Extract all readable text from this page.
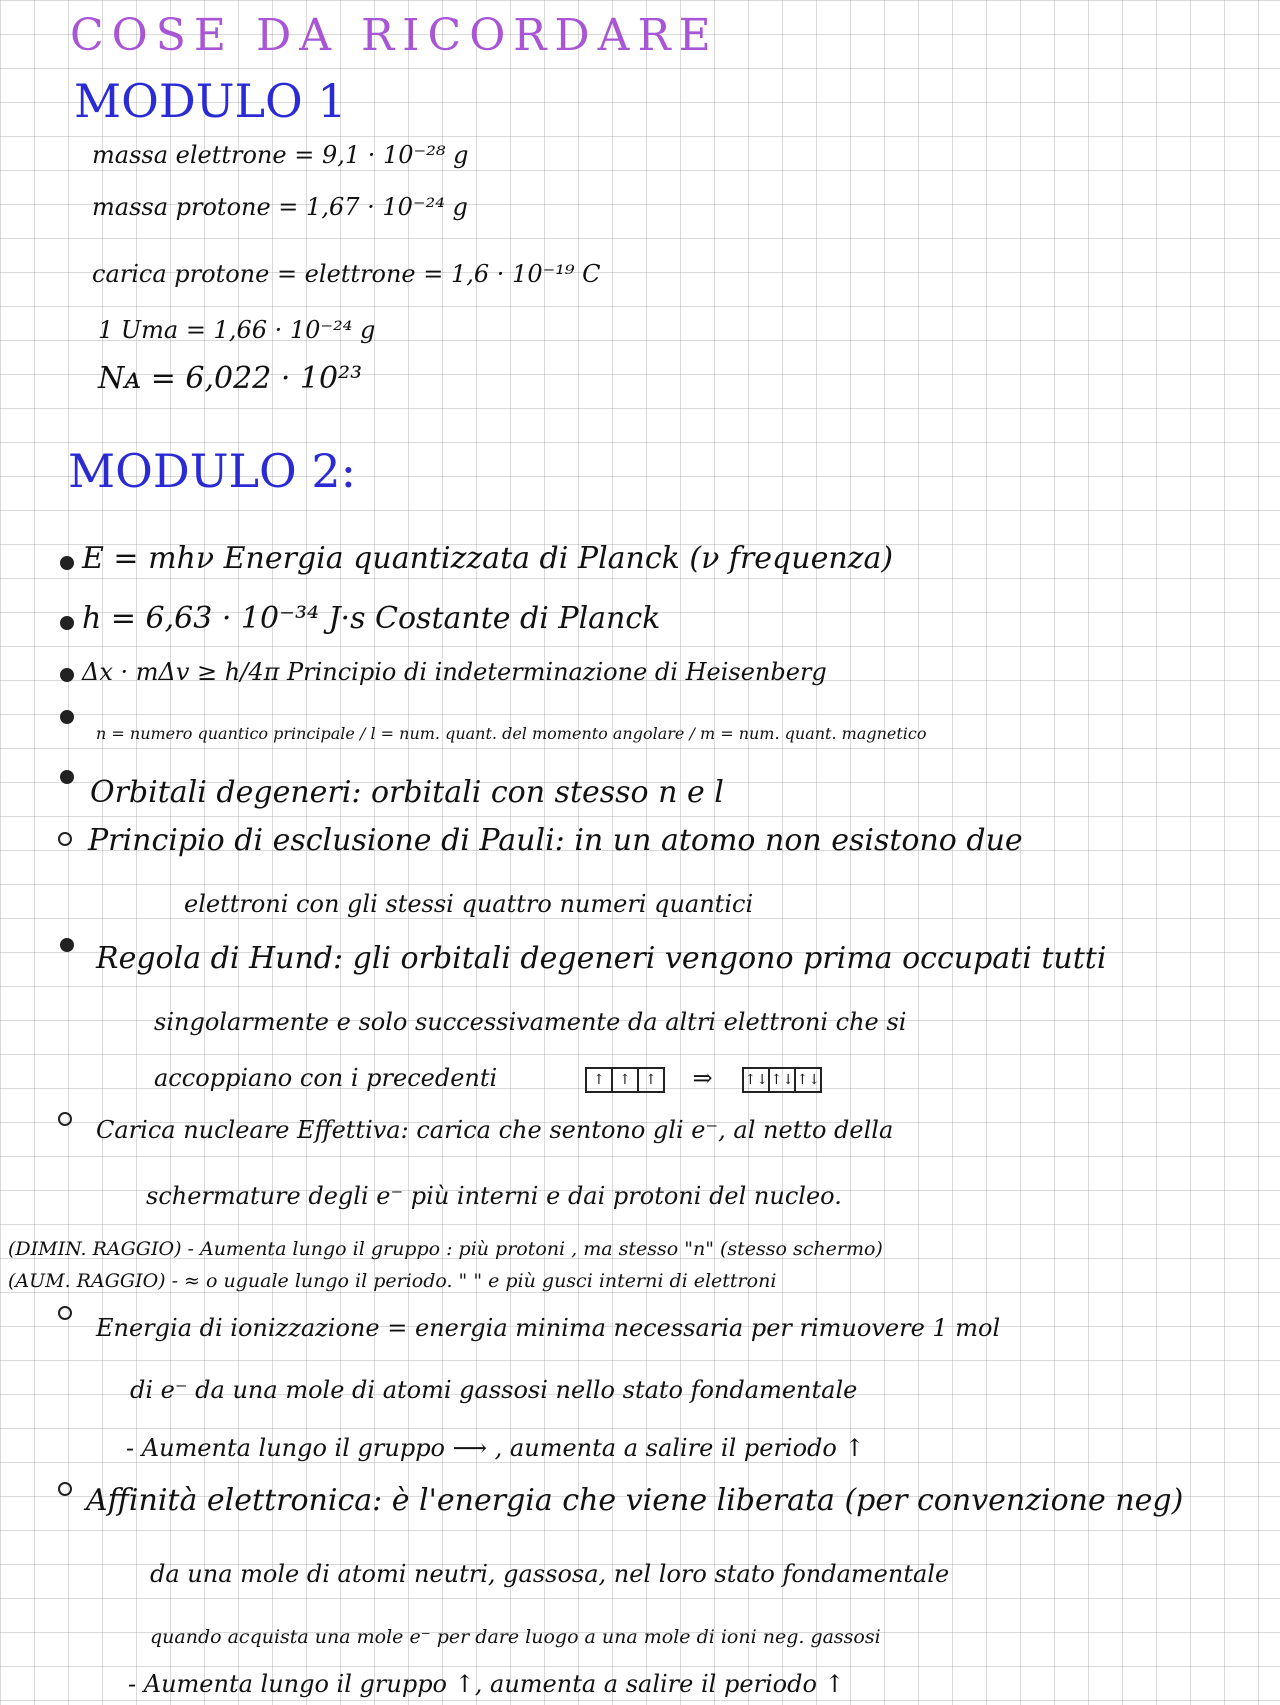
COSE DA RICORDARE
MODULO 1
massa elettrone = 9,1 · 10⁻²⁸ g
massa protone = 1,67 · 10⁻²⁴ g
carica protone = elettrone = 1,6 · 10⁻¹⁹ C
1 Uma = 1,66 · 10⁻²⁴ g
Nᴀ = 6,022 · 10²³
MODULO 2:
E = mhν Energia quantizzata di Planck (ν frequenza)
h = 6,63 · 10⁻³⁴ J·s Costante di Planck
Δx · mΔv ≥ h/4π Principio di indeterminazione di Heisenberg
n = numero quantico principale / l = num. quant. del momento angolare / m = num. quant. magnetico
Orbitali degeneri: orbitali con stesso n e l
Principio di esclusione di Pauli: in un atomo non esistono due
elettroni con gli stessi quattro numeri quantici
Regola di Hund: gli orbitali degeneri vengono prima occupati tutti
singolarmente e solo successivamente da altri elettroni che si
accoppiano con i precedenti	↑	↑	↑	⇒ ↑↓ ↑↓ ↑↓
Carica nucleare Effettiva: carica che sentono gli e⁻, al netto della
schermature degli e⁻ più interni e dai protoni del nucleo.
(DIMIN. RAGGIO) - Aumenta lungo il gruppo : più protoni , ma stesso "n" (stesso schermo)
(AUM. RAGGIO) - ≈ o uguale lungo il periodo. " " e più gusci interni di elettroni
Energia di ionizzazione = energia minima necessaria per rimuovere 1 mol
di e⁻ da una mole di atomi gassosi nello stato fondamentale
- Aumenta lungo il gruppo ⟶ , aumenta a salire il periodo ↑
Affinità elettronica: è l'energia che viene liberata (per convenzione neg)
da una mole di atomi neutri, gassosa, nel loro stato fondamentale
quando acquista una mole e⁻ per dare luogo a una mole di ioni neg. gassosi
- Aumenta lungo il gruppo ↑, aumenta a salire il periodo ↑
